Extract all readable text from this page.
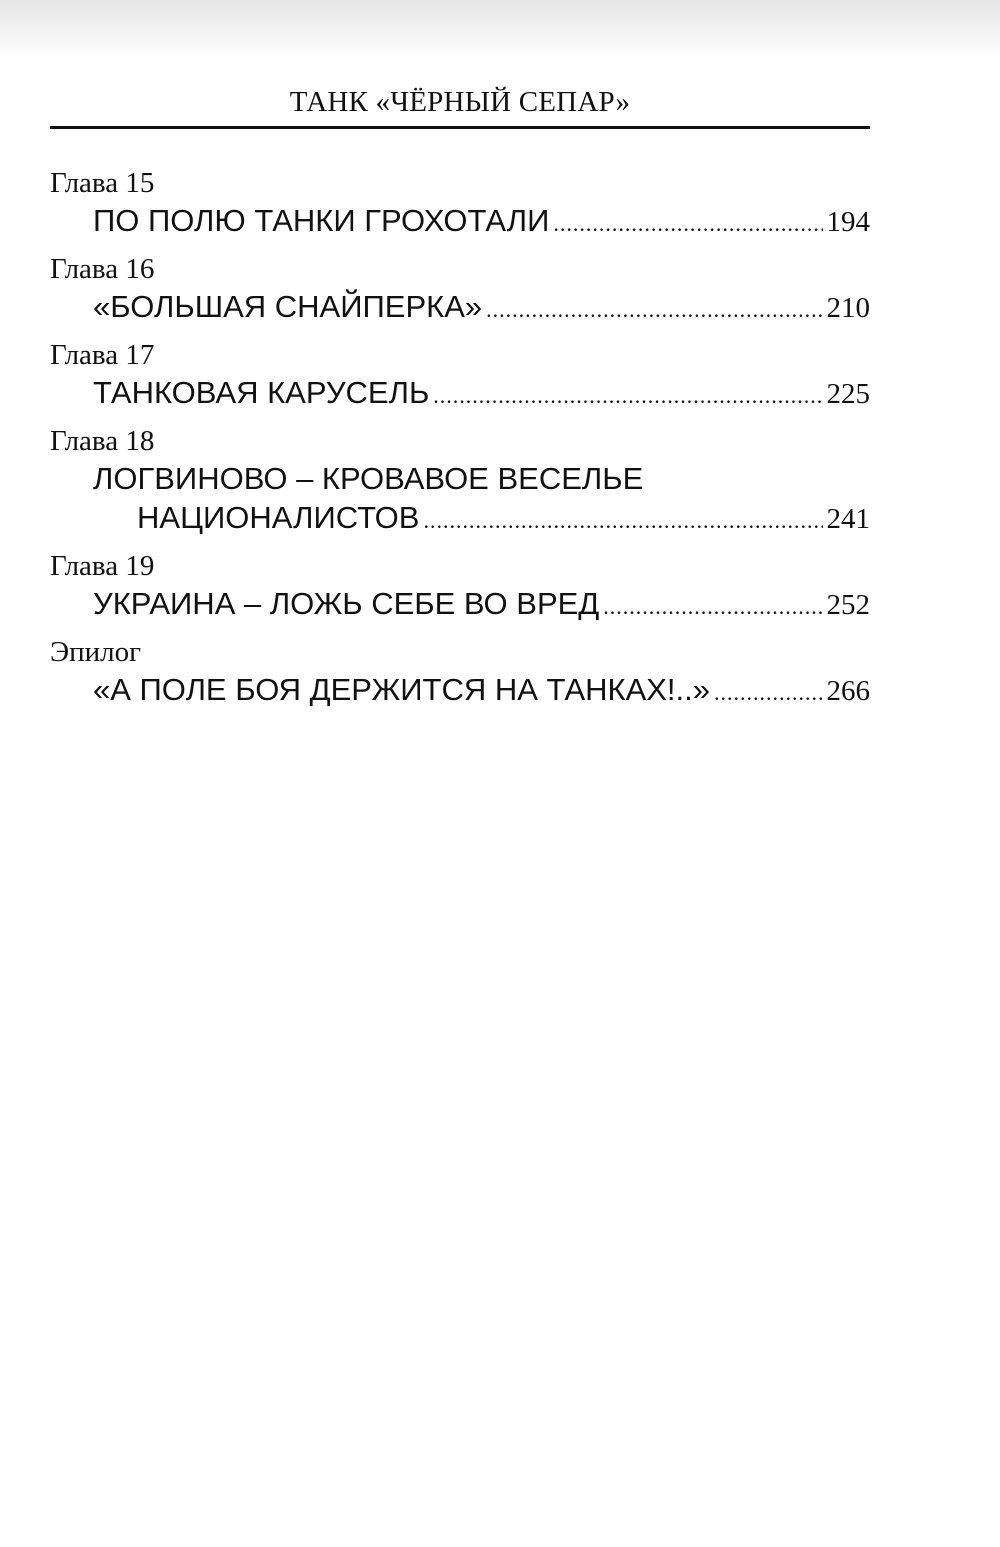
ТАНК «ЧЁРНЫЙ СЕПАР»
Глава 15
ПО ПОЛЮ ТАНКИ ГРОХОТАЛИ .....	194
Глава 16
«БОЛЬШАЯ СНАЙПЕРКА» .....	210
Глава 17
ТАНКОВАЯ КАРУСЕЛЬ .....	225
Глава 18
ЛОГВИНОВО – КРОВАВОЕ ВЕСЕЛЬЕ
НАЦИОНАЛИСТОВ .....	241
Глава 19
УКРАИНА – ЛОЖЬ СЕБЕ ВО ВРЕД .....	252
Эпилог
«А ПОЛЕ БОЯ ДЕРЖИТСЯ НА ТАНКАХ!..» .....	266
